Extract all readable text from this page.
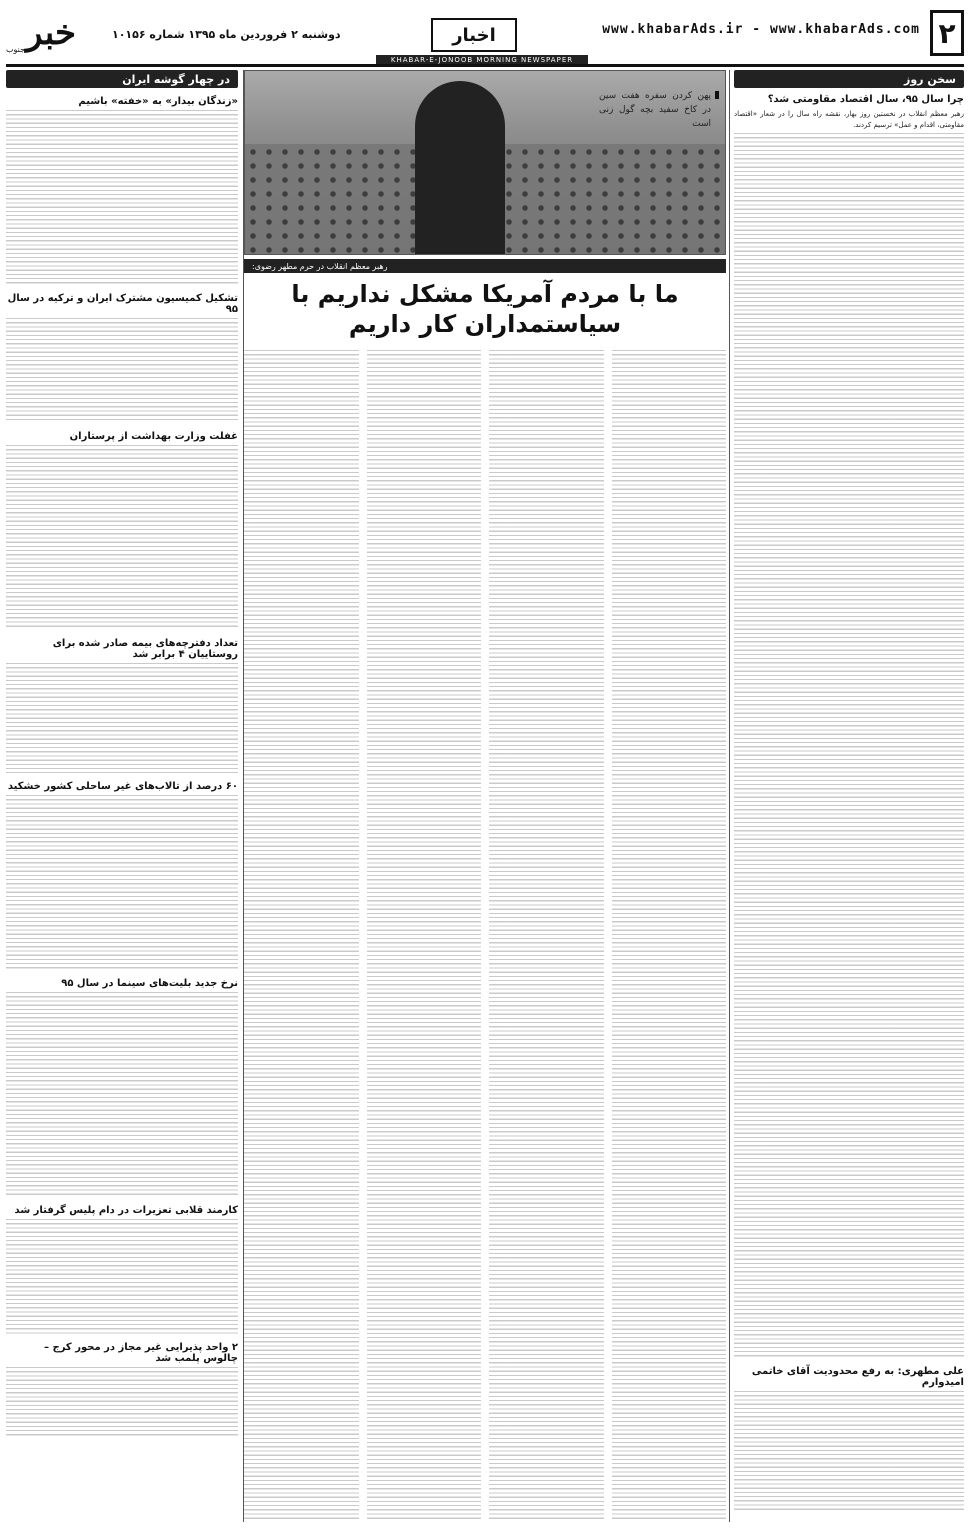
۲
www.khabarAds.ir - www.khabarAds.com
اخبار
دوشنبه ۲ فروردین ماه ۱۳۹۵ شماره ۱۰۱۵۶
خبر
جنوب
KHABAR-E-JONOOB MORNING NEWSPAPER
سخن روز
چرا سال ۹۵، سال اقتصاد مقاومتی شد؟
رهبر معظم انقلاب در نخستین روز بهار، نقشه راه سال را در شعار «اقتصاد مقاومتی، اقدام و عمل» ترسیم کردند.
علی مطهری: به رفع محدودیت آقای خاتمی امیدوارم
پهن کردن سفره هفت سین در کاخ سفید بچه گول زنی است
رهبر معظم انقلاب در حرم مطهر رضوی:
ما با مردم آمریکا مشکل نداریم با سیاستمداران کار داریم
در چهار گوشه ایران
«زندگان بیدار» به «خفته» باشیم
تشکیل کمیسیون مشترک ایران و ترکیه در سال ۹۵
غفلت وزارت بهداشت از پرستاران
تعداد دفترچه‌های بیمه صادر شده برای روستاییان ۴ برابر شد
۶۰ درصد از تالاب‌های غیر ساحلی کشور خشکید
نرخ جدید بلیت‌های سینما در سال ۹۵
کارمند قلابی تعزیرات در دام پلیس گرفتار شد
۲ واحد پذیرایی غیر مجاز در محور کرج – چالوس پلمب شد
